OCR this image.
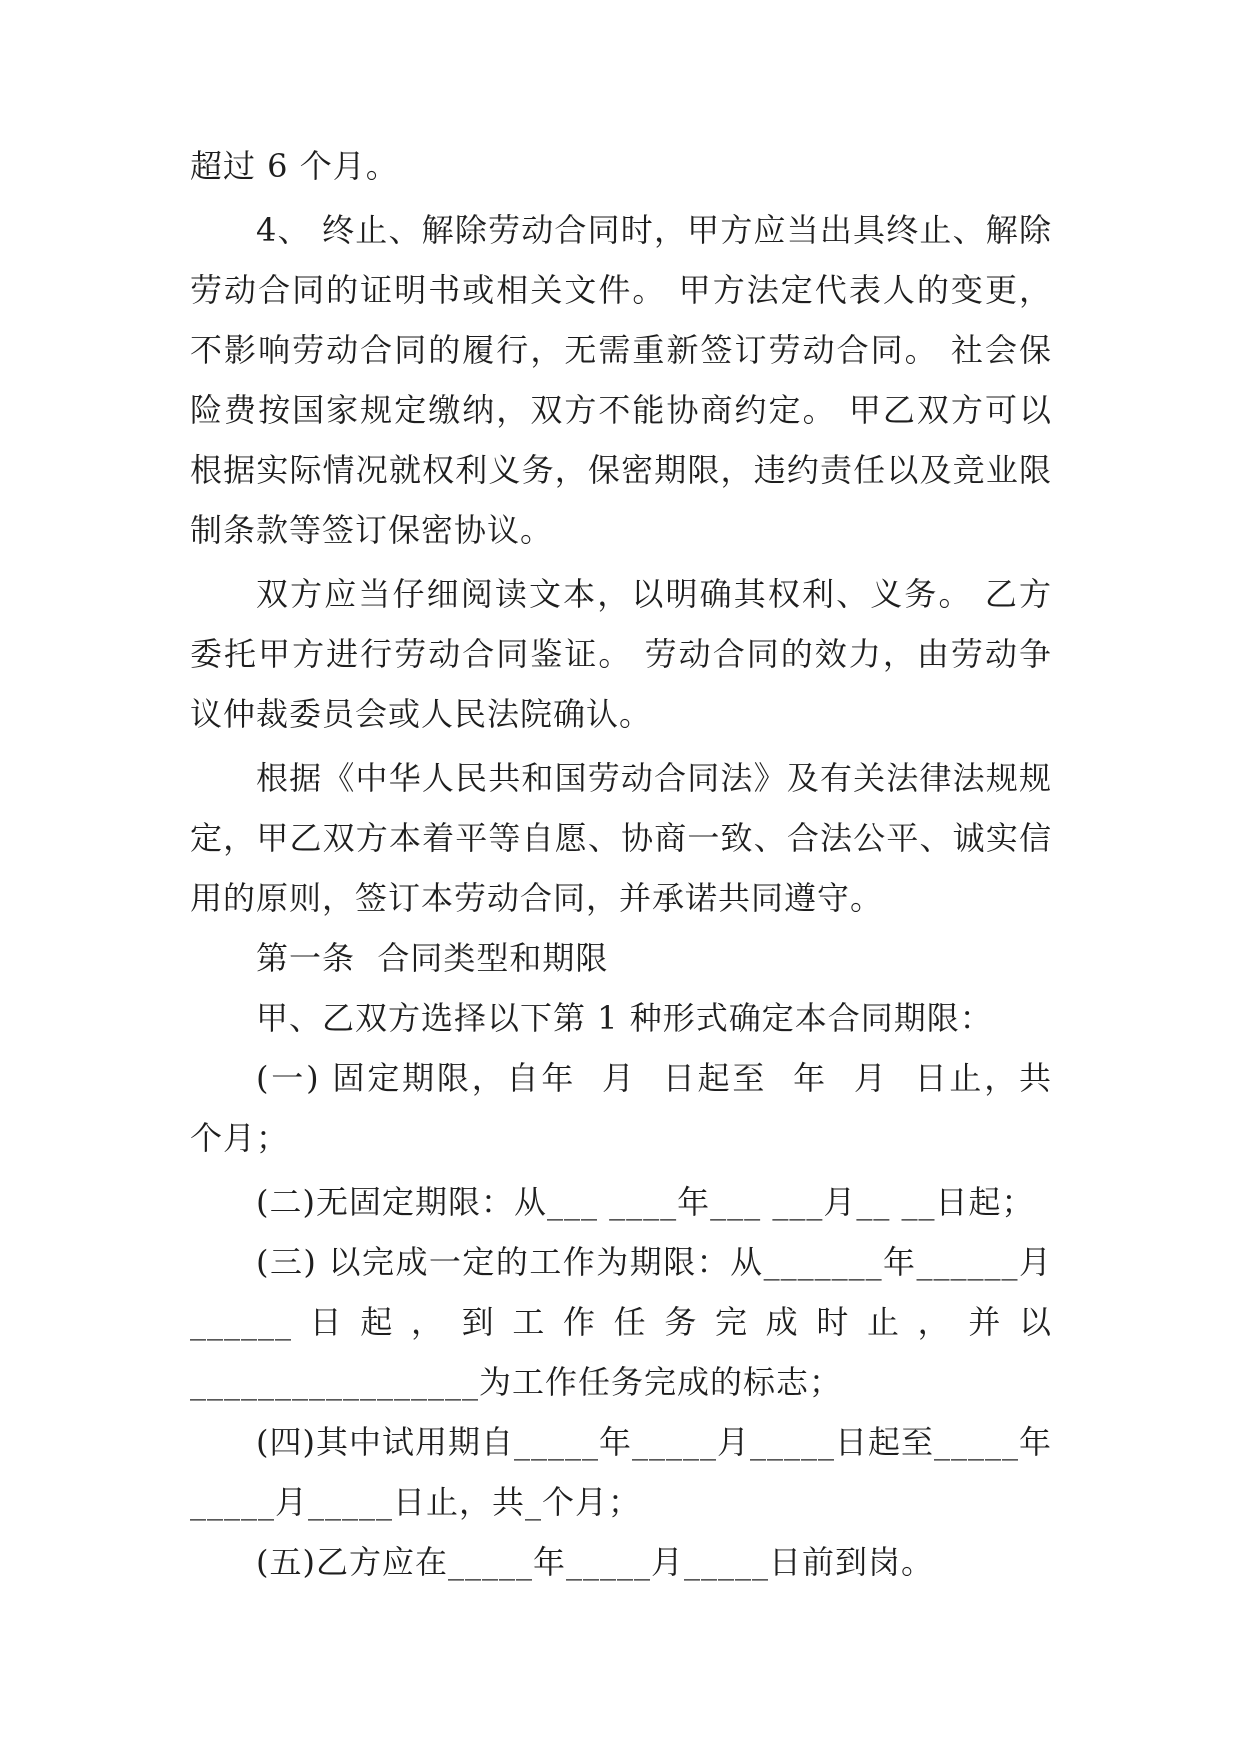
超过 6 个月。

4、 终止、解除劳动合同时，甲方应当出具终止、解除劳动合同的证明书或相关文件。 甲方法定代表人的变更，不影响劳动合同的履行，无需重新签订劳动合同。 社会保险费按国家规定缴纳，双方不能协商约定。 甲乙双方可以根据实际情况就权利义务，保密期限，违约责任以及竞业限制条款等签订保密协议。

双方应当仔细阅读文本，以明确其权利、义务。 乙方委托甲方进行劳动合同鉴证。 劳动合同的效力，由劳动争议仲裁委员会或人民法院确认。

根据《中华人民共和国劳动合同法》及有关法律法规规定，甲乙双方本着平等自愿、协商一致、合法公平、诚实信用的原则，签订本劳动合同，并承诺共同遵守。

第一条  合同类型和期限

甲、乙双方选择以下第 1 种形式确定本合同期限：

(一) 固定期限，自年  月  日起至  年  月  日止，共  个月；

(二)无固定期限：从___ ____年___ ___月__ __日起；

(三) 以完成一定的工作为期限：从_______年______月______日起，到工作任务完成时止，并以_________________为工作任务完成的标志；

(四)其中试用期自_____年_____月_____日起至_____年_____月_____日止，共_个月；

(五)乙方应在_____年_____月_____日前到岗。
